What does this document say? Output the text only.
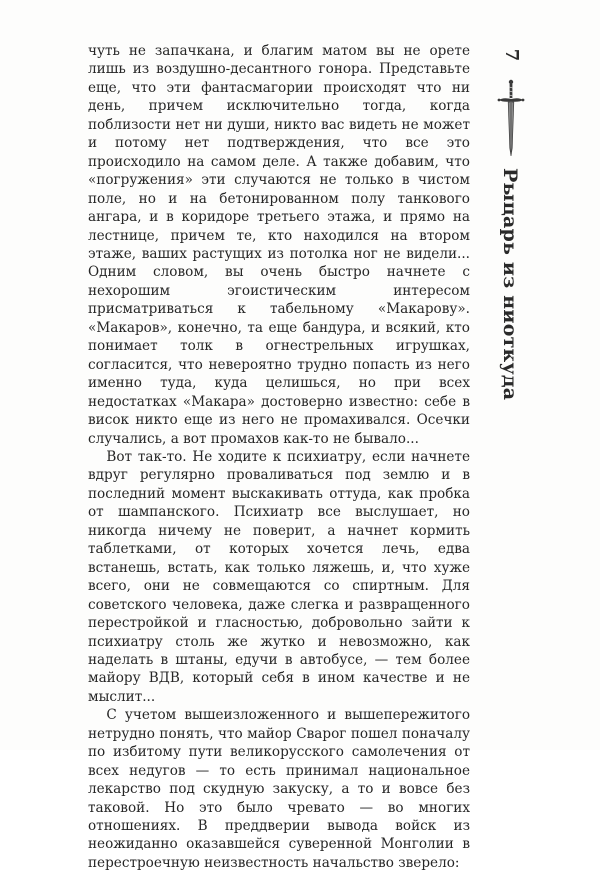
чуть не запачкана, и благим матом вы не орете лишь из воздушно-десантного гонора. Представьте еще, что эти фантасмагории происходят что ни день, причем исключительно тогда, когда поблизости нет ни души, никто вас видеть не может и потому нет подтверждения, что все это происходило на самом деле. А также добавим, что «погружения» эти случаются не только в чистом поле, но и на бетонированном полу танкового ангара, и в коридоре третьего этажа, и прямо на лестнице, причем те, кто находился на втором этаже, ваших растущих из потолка ног не видели... Одним словом, вы очень быстро начнете с нехорошим эгоистическим интересом присматриваться к табельному «Макарову». «Макаров», конечно, та еще бандура, и всякий, кто понимает толк в огнестрельных игрушках, согласится, что невероятно трудно попасть из него именно туда, куда целишься, но при всех недостатках «Макара» достоверно известно: себе в висок никто еще из него не промахивался. Осечки случались, а вот промахов как-то не бывало...

Вот так-то. Не ходите к психиатру, если начнете вдруг регулярно проваливаться под землю и в последний момент выскакивать оттуда, как пробка от шампанского. Психиатр все выслушает, но никогда ничему не поверит, а начнет кормить таблетками, от которых хочется лечь, едва встанешь, встать, как только ляжешь, и, что хуже всего, они не совмещаются со спиртным. Для советского человека, даже слегка и развращенного перестройкой и гласностью, добровольно зайти к психиатру столь же жутко и невозможно, как наделать в штаны, едучи в автобусе, — тем более майору ВДВ, который себя в ином качестве и не мыслит...

С учетом вышеизложенного и вышепережитого нетрудно понять, что майор Сварог пошел поначалу по избитому пути великорусского самолечения от всех недугов — то есть принимал национальное лекарство под скудную закуску, а то и вовсе без таковой. Но это было чревато — во многих отношениях. В преддверии вывода войск из неожиданно оказавшейся суверенной Монголии в перестроечную неизвестность начальство зверело:

7
Рыцарь из ниоткуда
